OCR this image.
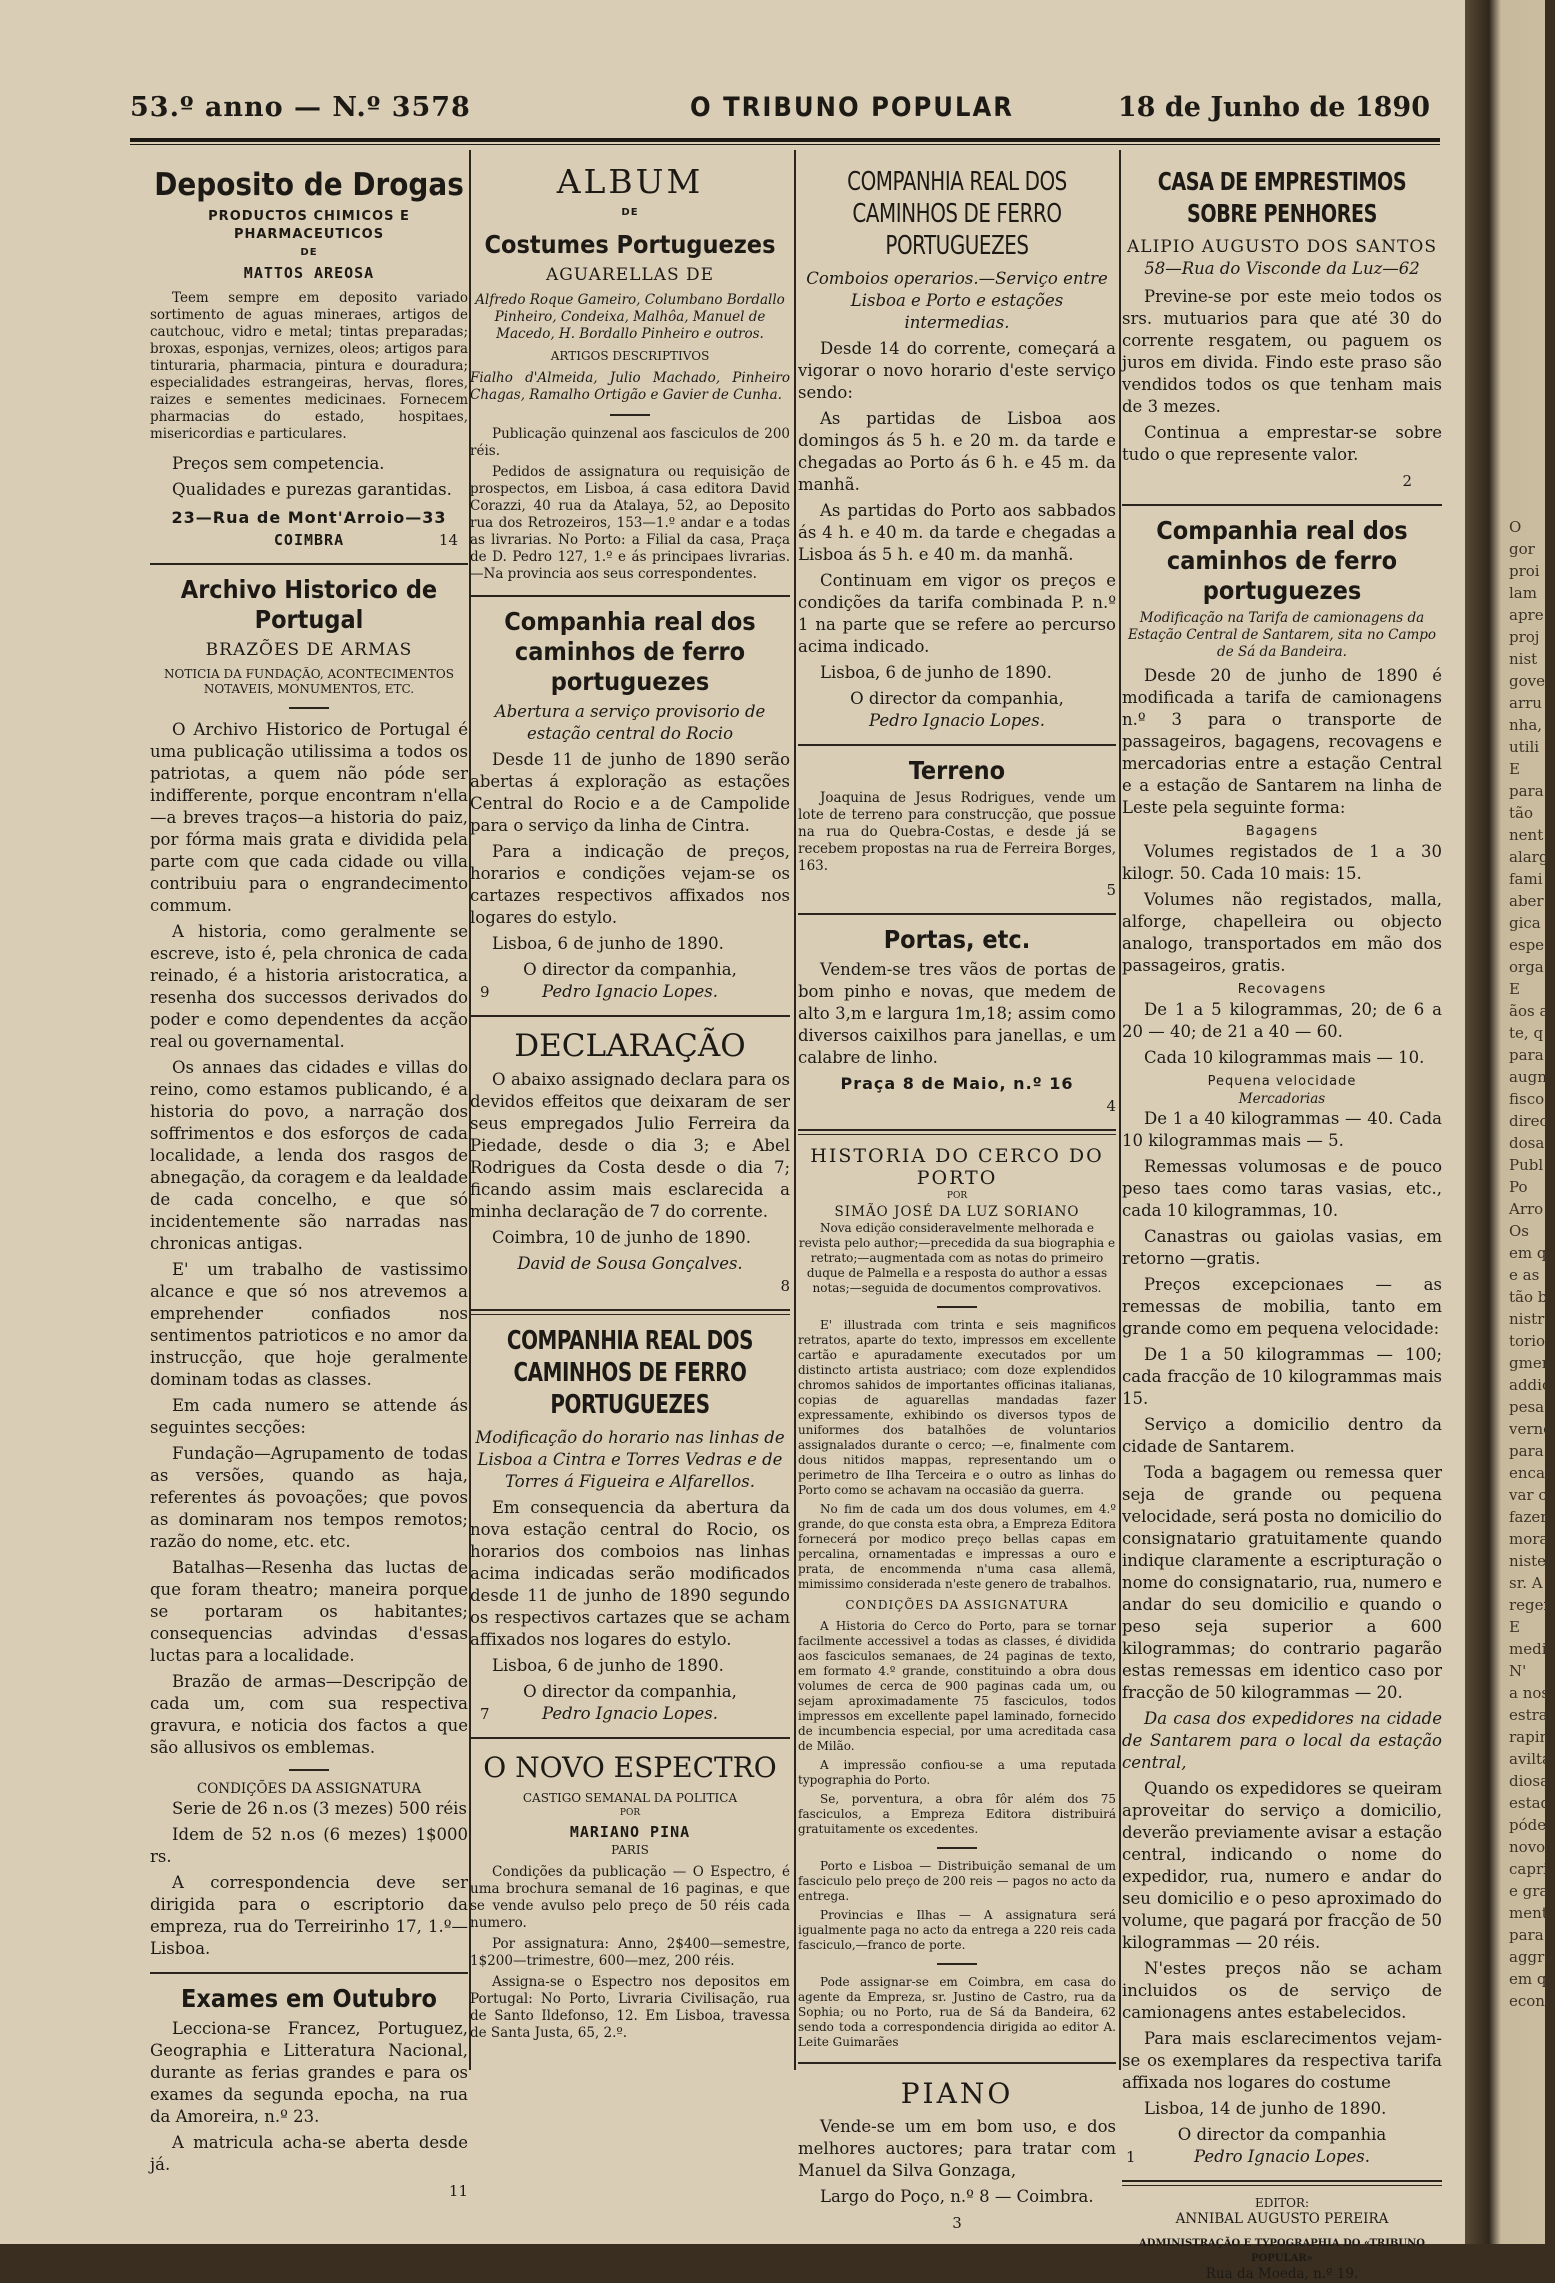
53.º anno — N.º 3578	O TRIBUNO POPULAR	18 de Junho de 1890
Deposito de Drogas
PRODUCTOS CHIMICOS E PHARMACEUTICOS
DE
MATTOS AREOSA

Teem sempre em deposito variado sortimento de aguas mineraes, artigos de cautchouc, vidro e metal; tintas preparadas; broxas, esponjas, vernizes, oleos; artigos para tinturaria, pharmacia, pintura e douradura; especialidades estrangeiras, hervas, flores, raizes e sementes medicinaes. Fornecem pharmacias do estado, hospitaes, misericordias e particulares.

Preços sem competencia.

Qualidades e purezas garantidas.

23—Rua de Mont'Arroio—33
COIMBRA	14
Archivo Historico de Portugal
BRAZÕES DE ARMAS
NOTICIA DA FUNDAÇÃO, ACONTECIMENTOS NOTAVEIS, MONUMENTOS, ETC.

O Archivo Historico de Portugal é uma publicação utilissima a todos os patriotas, a quem não póde ser indifferente, porque encontram n'ella—a breves traços—a historia do paiz, por fórma mais grata e dividida pela parte com que cada cidade ou villa contribuiu para o engrandecimento commum.

A historia, como geralmente se escreve, isto é, pela chronica de cada reinado, é a historia aristocratica, a resenha dos successos derivados do poder e como dependentes da acção real ou governamental.

Os annaes das cidades e villas do reino, como estamos publicando, é a historia do povo, a narração dos soffrimentos e dos esforços de cada localidade, a lenda dos rasgos de abnegação, da coragem e da lealdade de cada concelho, e que só incidentemente são narradas nas chronicas antigas.

E' um trabalho de vastissimo alcance e que só nos atrevemos a emprehender confiados nos sentimentos patrioticos e no amor da instrucção, que hoje geralmente dominam todas as classes.

Em cada numero se attende ás seguintes secções:

Fundação—Agrupamento de todas as versões, quando as haja, referentes ás povoações; que povos as dominaram nos tempos remotos; razão do nome, etc. etc.

Batalhas—Resenha das luctas de que foram theatro; maneira porque se portaram os habitantes; consequencias advindas d'essas luctas para a localidade.

Brazão de armas—Descripção de cada um, com sua respectiva gravura, e noticia dos factos a que são allusivos os emblemas.

CONDIÇÕES DA ASSIGNATURA

Serie de 26 n.os (3 mezes) 500 réis

Idem de 52 n.os (6 mezes) 1$000 rs.

A correspondencia deve ser dirigida para o escriptorio da empreza, rua do Terreirinho 17, 1.º—Lisboa.

Exames em Outubro

Lecciona-se Francez, Portuguez, Geographia e Litteratura Nacional, durante as ferias grandes e para os exames da segunda epocha, na rua da Amoreira, n.º 23.

A matricula acha-se aberta desde já.

11
ALBUM
DE
Costumes Portuguezes
AGUARELLAS DE

Alfredo Roque Gameiro, Columbano Bordallo Pinheiro, Condeixa, Malhôa, Manuel de Macedo, H. Bordallo Pinheiro e outros.

ARTIGOS DESCRIPTIVOS

Fialho d'Almeida, Julio Machado, Pinheiro Chagas, Ramalho Ortigão e Gavier de Cunha.

Publicação quinzenal aos fasciculos de 200 réis.

Pedidos de assignatura ou requisição de prospectos, em Lisboa, á casa editora David Corazzi, 40 rua da Atalaya, 52, ao Deposito rua dos Retrozeiros, 153—1.º andar e a todas as livrarias. No Porto: a Filial da casa, Praça de D. Pedro 127, 1.º e ás principaes livrarias.—Na provincia aos seus correspondentes.

Companhia real dos caminhos de ferro portuguezes

Abertura a serviço provisorio de estação central do Rocio

Desde 11 de junho de 1890 serão abertas á exploração as estações Central do Rocio e a de Campolide para o serviço da linha de Cintra.

Para a indicação de preços, horarios e condições vejam-se os cartazes respectivos affixados nos logares do estylo.

Lisboa, 6 de junho de 1890.

O director da companhia,
9	Pedro Ignacio Lopes.
DECLARAÇÃO

O abaixo assignado declara para os devidos effeitos que deixaram de ser seus empregados Julio Ferreira da Piedade, desde o dia 3; e Abel Rodrigues da Costa desde o dia 7; ficando assim mais esclarecida a minha declaração de 7 do corrente.

Coimbra, 10 de junho de 1890.

David de Sousa Gonçalves.
8
COMPANHIA REAL DOS CAMINHOS DE FERRO PORTUGUEZES

Modificação do horario nas linhas de Lisboa a Cintra e Torres Vedras e de Torres á Figueira e Alfarellos.

Em consequencia da abertura da nova estação central do Rocio, os horarios dos comboios nas linhas acima indicadas serão modificados desde 11 de junho de 1890 segundo os respectivos cartazes que se acham affixados nos logares do estylo.

Lisboa, 6 de junho de 1890.

O director da companhia,
7	Pedro Ignacio Lopes.
O NOVO ESPECTRO
CASTIGO SEMANAL DA POLITICA
POR
MARIANO PINA
PARIS

Condições da publicação — O Espectro, é uma brochura semanal de 16 paginas, e que se vende avulso pelo preço de 50 réis cada numero.

Por assignatura: Anno, 2$400—semestre, 1$200—trimestre, 600—mez, 200 réis.

Assigna-se o Espectro nos depositos em Portugal: No Porto, Livraria Civilisação, rua de Santo Ildefonso, 12. Em Lisboa, travessa de Santa Justa, 65, 2.º.

COMPANHIA REAL DOS CAMINHOS DE FERRO PORTUGUEZES

Comboios operarios.—Serviço entre Lisboa e Porto e estações intermedias.

Desde 14 do corrente, começará a vigorar o novo horario d'este serviço sendo:

As partidas de Lisboa aos domingos ás 5 h. e 20 m. da tarde e chegadas ao Porto ás 6 h. e 45 m. da manhã.

As partidas do Porto aos sabbados ás 4 h. e 40 m. da tarde e chegadas a Lisboa ás 5 h. e 40 m. da manhã.

Continuam em vigor os preços e condições da tarifa combinada P. n.º 1 na parte que se refere ao percurso acima indicado.

Lisboa, 6 de junho de 1890.

O director da companhia,
Pedro Ignacio Lopes.
Terreno

Joaquina de Jesus Rodrigues, vende um lote de terreno para construcção, que possue na rua do Quebra-Costas, e desde já se recebem propostas na rua de Ferreira Borges, 163.

5
Portas, etc.

Vendem-se tres vãos de portas de bom pinho e novas, que medem de alto 3,m e largura 1m,18; assim como diversos caixilhos para janellas, e um calabre de linho.

Praça 8 de Maio, n.º 16
4
HISTORIA DO CERCO DO PORTO
POR
SIMÃO JOSÉ DA LUZ SORIANO

Nova edição consideravelmente melhorada e revista pelo author;—precedida da sua biographia e retrato;—augmentada com as notas do primeiro duque de Palmella e a resposta do author a essas notas;—seguida de documentos comprovativos.

E' illustrada com trinta e seis magnificos retratos, aparte do texto, impressos em excellente cartão e apuradamente executados por um distincto artista austriaco; com doze explendidos chromos sahidos de importantes officinas italianas, copias de aguarellas mandadas fazer expressamente, exhibindo os diversos typos de uniformes dos batalhões de voluntarios assignalados durante o cerco; —e, finalmente com dous nitidos mappas, representando um o perimetro de Ilha Terceira e o outro as linhas do Porto como se achavam na occasião da guerra.

No fim de cada um dos dous volumes, em 4.º grande, do que consta esta obra, a Empreza Editora fornecerá por modico preço bellas capas em percalina, ornamentadas e impressas a ouro e prata, de encommenda n'uma casa allemã, mimissimo considerada n'este genero de trabalhos.

CONDIÇÕES DA ASSIGNATURA

A Historia do Cerco do Porto, para se tornar facilmente accessivel a todas as classes, é dividida aos fasciculos semanaes, de 24 paginas de texto, em formato 4.º grande, constituindo a obra dous volumes de cerca de 900 paginas cada um, ou sejam aproximadamente 75 fasciculos, todos impressos em excellente papel laminado, fornecido de incumbencia especial, por uma acreditada casa de Milão.

A impressão confiou-se a uma reputada typographia do Porto.

Se, porventura, a obra fôr além dos 75 fasciculos, a Empreza Editora distribuirá gratuitamente os excedentes.

Porto e Lisboa — Distribuição semanal de um fasciculo pelo preço de 200 reis — pagos no acto da entrega.

Provincias e Ilhas — A assignatura será igualmente paga no acto da entrega a 220 reis cada fasciculo,—franco de porte.

Pode assignar-se em Coimbra, em casa do agente da Empreza, sr. Justino de Castro, rua da Sophia; ou no Porto, rua de Sá da Bandeira, 62 sendo toda a correspondencia dirigida ao editor A. Leite Guimarães

PIANO

Vende-se um em bom uso, e dos melhores auctores; para tratar com Manuel da Silva Gonzaga,

Largo do Poço, n.º 8 — Coimbra.

3
CASA DE EMPRESTIMOS SOBRE PENHORES
ALIPIO AUGUSTO DOS SANTOS
58—Rua do Visconde da Luz—62

Previne-se por este meio todos os srs. mutuarios para que até 30 do corrente resgatem, ou paguem os juros em divida. Findo este praso são vendidos todos os que tenham mais de 3 mezes.

Continua a emprestar-se sobre tudo o que represente valor.

2
Companhia real dos caminhos de ferro portuguezes

Modificação na Tarifa de camionagens da Estação Central de Santarem, sita no Campo de Sá da Bandeira.

Desde 20 de junho de 1890 é modificada a tarifa de camionagens n.º 3 para o transporte de passageiros, bagagens, recovagens e mercadorias entre a estação Central e a estação de Santarem na linha de Leste pela seguinte forma:

Bagagens

Volumes registados de 1 a 30 kilogr. 50. Cada 10 mais: 15.

Volumes não registados, malla, alforge, chapelleira ou objecto analogo, transportados em mão dos passageiros, gratis.

Recovagens

De 1 a 5 kilogrammas, 20; de 6 a 20 — 40; de 21 a 40 — 60.

Cada 10 kilogrammas mais — 10.

Pequena velocidade
Mercadorias

De 1 a 40 kilogrammas — 40. Cada 10 kilogrammas mais — 5.

Remessas volumosas e de pouco peso taes como taras vasias, etc., cada 10 kilogrammas, 10.

Canastras ou gaiolas vasias, em retorno —gratis.

Preços excepcionaes — as remessas de mobilia, tanto em grande como em pequena velocidade:

De 1 a 50 kilogrammas — 100; cada fracção de 10 kilogrammas mais 15.

Serviço a domicilio dentro da cidade de Santarem.

Toda a bagagem ou remessa quer seja de grande ou pequena velocidade, será posta no domicilio do consignatario gratuitamente quando indique claramente a escripturação o nome do consignatario, rua, numero e andar do seu domicilio e quando o peso seja superior a 600 kilogrammas; do contrario pagarão estas remessas em identico caso por fracção de 50 kilogrammas — 20.

Da casa dos expedidores na cidade de Santarem para o local da estação central,

Quando os expedidores se queiram aproveitar do serviço a domicilio, deverão previamente avisar a estação central, indicando o nome do expedidor, rua, numero e andar do seu domicilio e o peso aproximado do volume, que pagará por fracção de 50 kilogrammas — 20 réis.

N'estes preços não se acham incluidos os de serviço de camionagens antes estabelecidos.

Para mais esclarecimentos vejam-se os exemplares da respectiva tarifa affixada nos logares do costume

Lisboa, 14 de junho de 1890.

O director da companhia
1	Pedro Ignacio Lopes.
EDITOR:
ANNIBAL AUGUSTO PEREIRA
ADMINISTRAÇÃO E TYPOGRAPHIA DO «TRIBUNO POPULAR»
Rua da Moeda, n.º 19.
O
gor
proi
lam
apre
proj
nist
gove
arru
nha,
utili
E
para
tão
nent
alarg
fami
aber
gica
espe
orga
E
ãos a
te, q
para
augn
fisco
direc
dosa
Publ
Po
Arro
Os
em q
e as
tão b
nistr
torio
gmen
addic
pesa
verno
para
encar
var c
fazer
moral
nister
sr. A
regen
E
medic
N'
a nos
estrai
rapin
avilta
diosa
estad
póde
novo
capri
e gra
ment
para
aggra
em q
econo
